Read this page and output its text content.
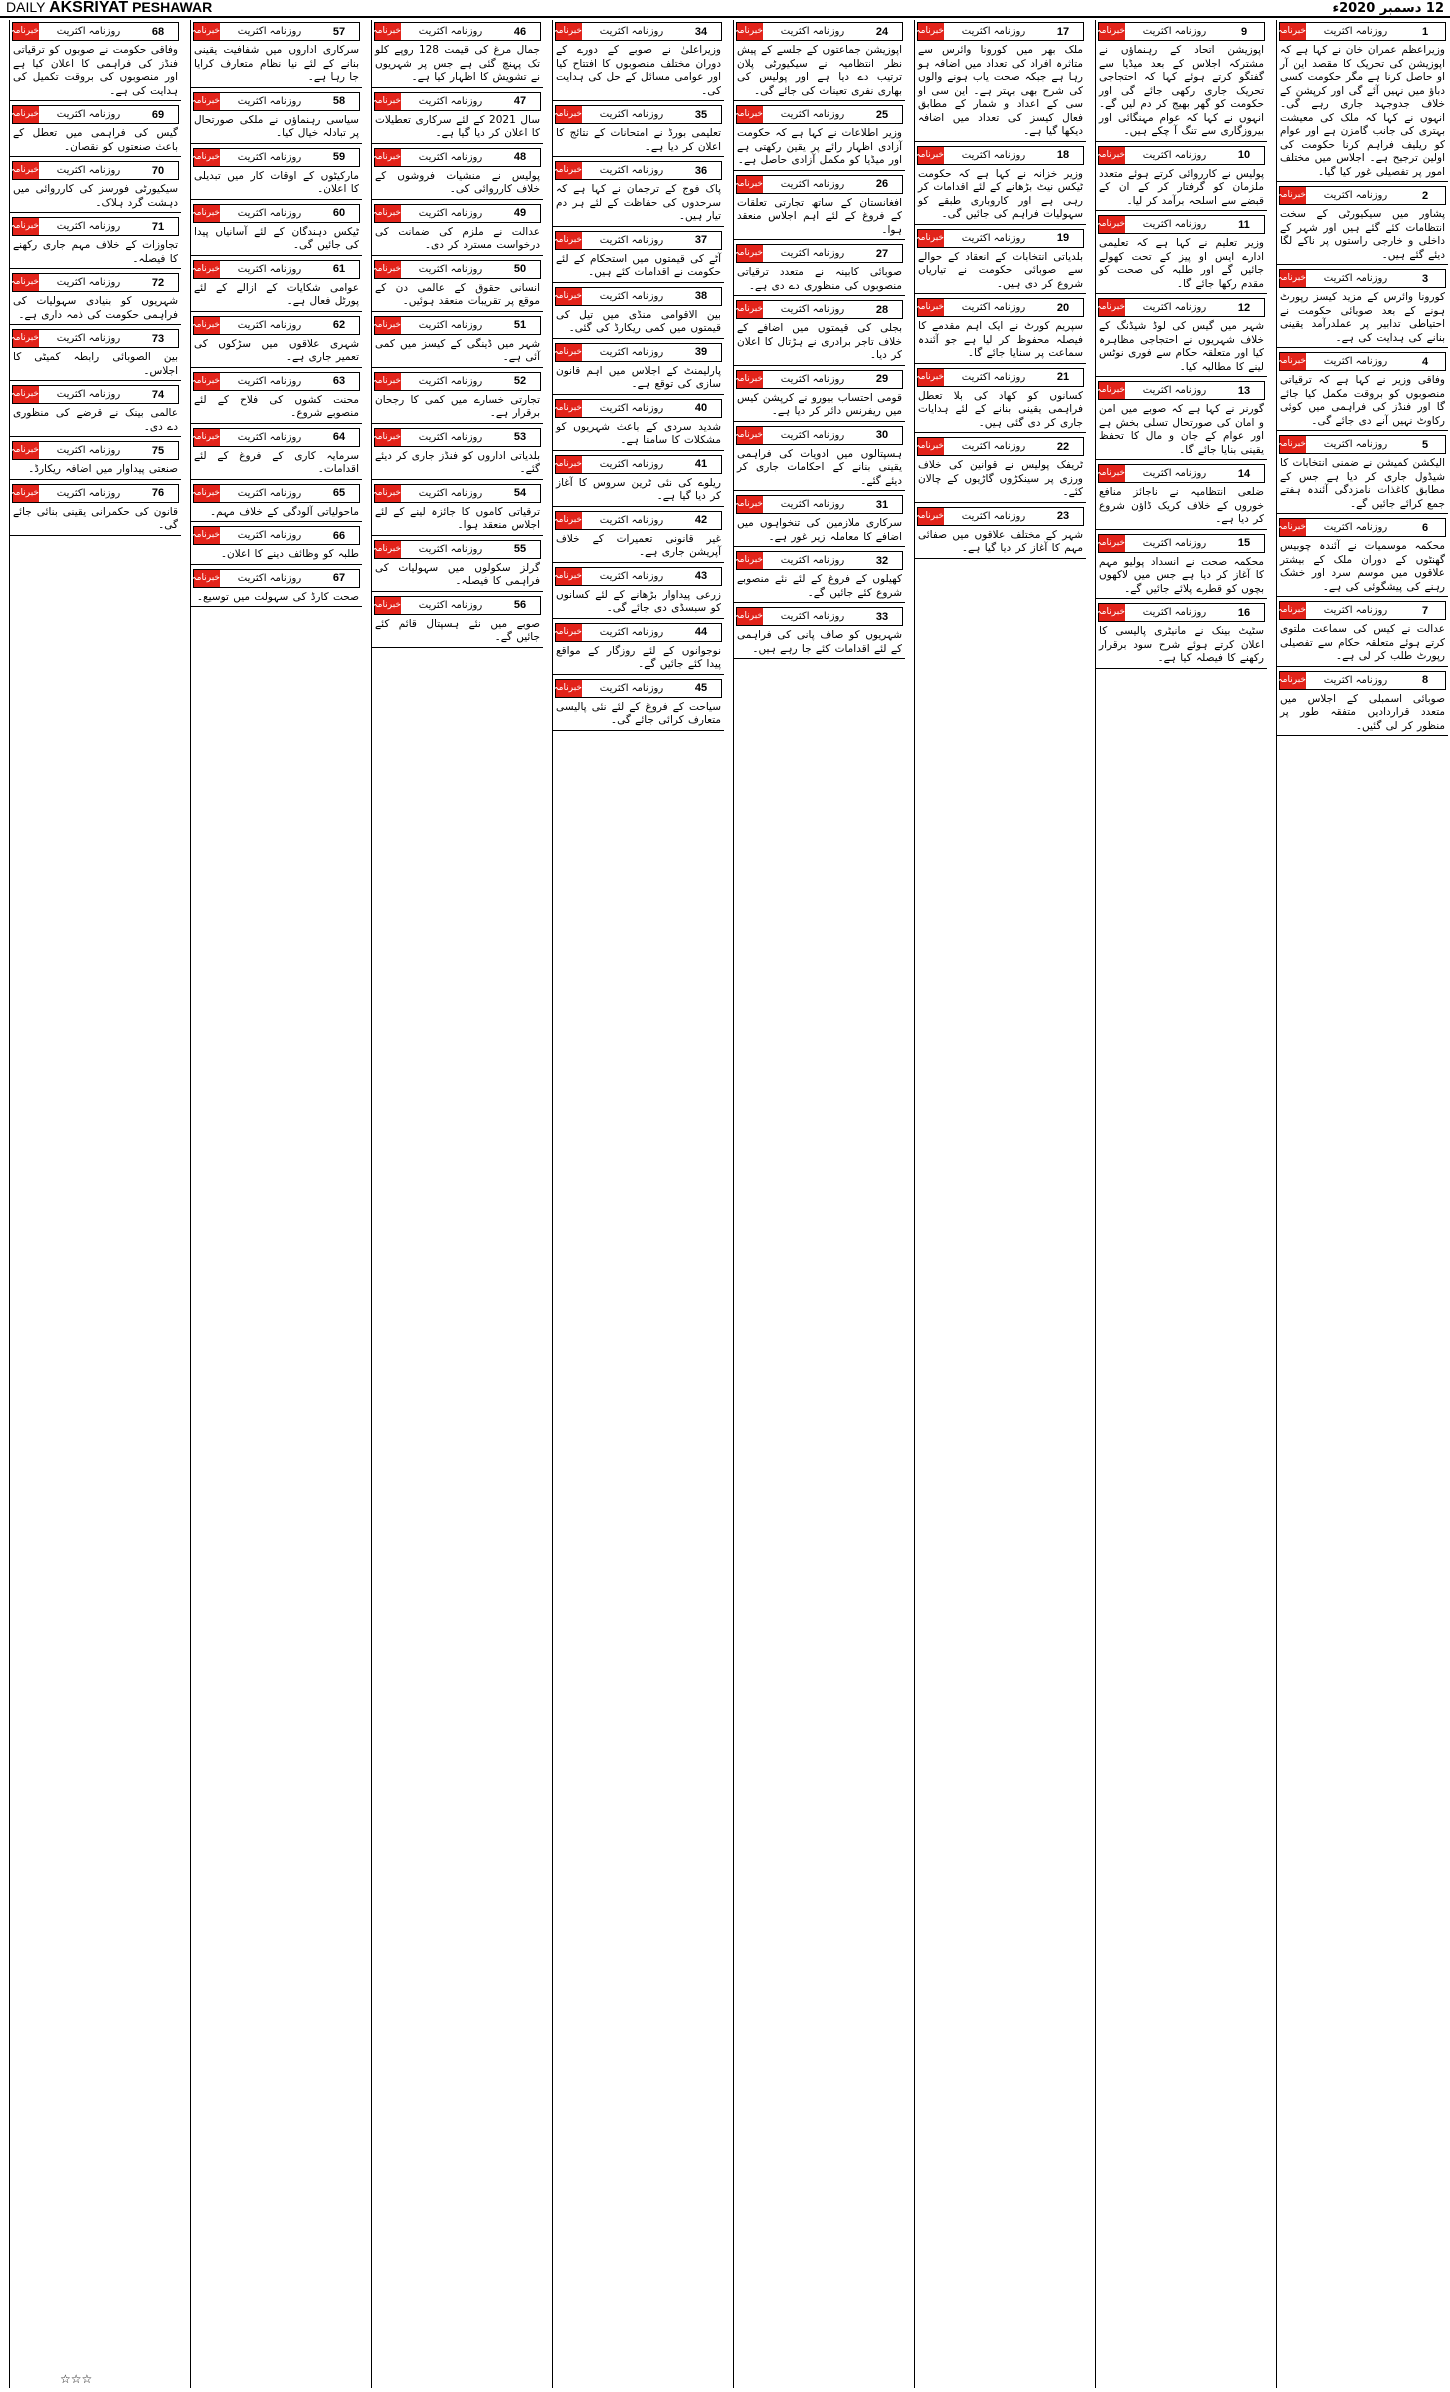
DAILY AKSRIYAT PESHAWAR	12 دسمبر 2020ء
1
روزنامہ اکثریت
خبرنامہ
وزیراعظم عمران خان نے کہا ہے کہ اپوزیشن کی تحریک کا مقصد این آر او حاصل کرنا ہے مگر حکومت کسی دباؤ میں نہیں آئے گی اور کرپشن کے خلاف جدوجہد جاری رہے گی۔ انہوں نے کہا کہ ملک کی معیشت بہتری کی جانب گامزن ہے اور عوام کو ریلیف فراہم کرنا حکومت کی اولین ترجیح ہے۔ اجلاس میں مختلف امور پر تفصیلی غور کیا گیا۔
2
روزنامہ اکثریت
خبرنامہ
پشاور میں سیکیورٹی کے سخت انتظامات کئے گئے ہیں اور شہر کے داخلی و خارجی راستوں پر ناکے لگا دیئے گئے ہیں۔
3
روزنامہ اکثریت
خبرنامہ
کورونا وائرس کے مزید کیسز رپورٹ ہونے کے بعد صوبائی حکومت نے احتیاطی تدابیر پر عملدرآمد یقینی بنانے کی ہدایت کی ہے۔
4
روزنامہ اکثریت
خبرنامہ
وفاقی وزیر نے کہا ہے کہ ترقیاتی منصوبوں کو بروقت مکمل کیا جائے گا اور فنڈز کی فراہمی میں کوئی رکاوٹ نہیں آنے دی جائے گی۔
5
روزنامہ اکثریت
خبرنامہ
الیکشن کمیشن نے ضمنی انتخابات کا شیڈول جاری کر دیا ہے جس کے مطابق کاغذات نامزدگی آئندہ ہفتے جمع کرائے جائیں گے۔
6
روزنامہ اکثریت
خبرنامہ
محکمہ موسمیات نے آئندہ چوبیس گھنٹوں کے دوران ملک کے بیشتر علاقوں میں موسم سرد اور خشک رہنے کی پیشگوئی کی ہے۔
7
روزنامہ اکثریت
خبرنامہ
عدالت نے کیس کی سماعت ملتوی کرتے ہوئے متعلقہ حکام سے تفصیلی رپورٹ طلب کر لی ہے۔
8
روزنامہ اکثریت
خبرنامہ
صوبائی اسمبلی کے اجلاس میں متعدد قراردادیں متفقہ طور پر منظور کر لی گئیں۔
9
روزنامہ اکثریت
خبرنامہ
اپوزیشن اتحاد کے رہنماؤں نے مشترکہ اجلاس کے بعد میڈیا سے گفتگو کرتے ہوئے کہا کہ احتجاجی تحریک جاری رکھی جائے گی اور حکومت کو گھر بھیج کر دم لیں گے۔ انہوں نے کہا کہ عوام مہنگائی اور بیروزگاری سے تنگ آ چکے ہیں۔
10
روزنامہ اکثریت
خبرنامہ
پولیس نے کارروائی کرتے ہوئے متعدد ملزمان کو گرفتار کر کے ان کے قبضے سے اسلحہ برآمد کر لیا۔
11
روزنامہ اکثریت
خبرنامہ
وزیر تعلیم نے کہا ہے کہ تعلیمی ادارے ایس او پیز کے تحت کھولے جائیں گے اور طلبہ کی صحت کو مقدم رکھا جائے گا۔
12
روزنامہ اکثریت
خبرنامہ
شہر میں گیس کی لوڈ شیڈنگ کے خلاف شہریوں نے احتجاجی مظاہرہ کیا اور متعلقہ حکام سے فوری نوٹس لینے کا مطالبہ کیا۔
13
روزنامہ اکثریت
خبرنامہ
گورنر نے کہا ہے کہ صوبے میں امن و امان کی صورتحال تسلی بخش ہے اور عوام کے جان و مال کا تحفظ یقینی بنایا جائے گا۔
14
روزنامہ اکثریت
خبرنامہ
ضلعی انتظامیہ نے ناجائز منافع خوروں کے خلاف کریک ڈاؤن شروع کر دیا ہے۔
15
روزنامہ اکثریت
خبرنامہ
محکمہ صحت نے انسداد پولیو مہم کا آغاز کر دیا ہے جس میں لاکھوں بچوں کو قطرے پلائے جائیں گے۔
16
روزنامہ اکثریت
خبرنامہ
سٹیٹ بینک نے مانیٹری پالیسی کا اعلان کرتے ہوئے شرح سود برقرار رکھنے کا فیصلہ کیا ہے۔
17
روزنامہ اکثریت
خبرنامہ
ملک بھر میں کورونا وائرس سے متاثرہ افراد کی تعداد میں اضافہ ہو رہا ہے جبکہ صحت یاب ہونے والوں کی شرح بھی بہتر ہے۔ این سی او سی کے اعداد و شمار کے مطابق فعال کیسز کی تعداد میں اضافہ دیکھا گیا ہے۔
18
روزنامہ اکثریت
خبرنامہ
وزیر خزانہ نے کہا ہے کہ حکومت ٹیکس نیٹ بڑھانے کے لئے اقدامات کر رہی ہے اور کاروباری طبقے کو سہولیات فراہم کی جائیں گی۔
19
روزنامہ اکثریت
خبرنامہ
بلدیاتی انتخابات کے انعقاد کے حوالے سے صوبائی حکومت نے تیاریاں شروع کر دی ہیں۔
20
روزنامہ اکثریت
خبرنامہ
سپریم کورٹ نے ایک اہم مقدمے کا فیصلہ محفوظ کر لیا ہے جو آئندہ سماعت پر سنایا جائے گا۔
21
روزنامہ اکثریت
خبرنامہ
کسانوں کو کھاد کی بلا تعطل فراہمی یقینی بنانے کے لئے ہدایات جاری کر دی گئی ہیں۔
22
روزنامہ اکثریت
خبرنامہ
ٹریفک پولیس نے قوانین کی خلاف ورزی پر سینکڑوں گاڑیوں کے چالان کئے۔
23
روزنامہ اکثریت
خبرنامہ
شہر کے مختلف علاقوں میں صفائی مہم کا آغاز کر دیا گیا ہے۔
24
روزنامہ اکثریت
خبرنامہ
اپوزیشن جماعتوں کے جلسے کے پیش نظر انتظامیہ نے سیکیورٹی پلان ترتیب دے دیا ہے اور پولیس کی بھاری نفری تعینات کی جائے گی۔
25
روزنامہ اکثریت
خبرنامہ
وزیر اطلاعات نے کہا ہے کہ حکومت آزادی اظہار رائے پر یقین رکھتی ہے اور میڈیا کو مکمل آزادی حاصل ہے۔
26
روزنامہ اکثریت
خبرنامہ
افغانستان کے ساتھ تجارتی تعلقات کے فروغ کے لئے اہم اجلاس منعقد ہوا۔
27
روزنامہ اکثریت
خبرنامہ
صوبائی کابینہ نے متعدد ترقیاتی منصوبوں کی منظوری دے دی ہے۔
28
روزنامہ اکثریت
خبرنامہ
بجلی کی قیمتوں میں اضافے کے خلاف تاجر برادری نے ہڑتال کا اعلان کر دیا۔
29
روزنامہ اکثریت
خبرنامہ
قومی احتساب بیورو نے کرپشن کیس میں ریفرنس دائر کر دیا ہے۔
30
روزنامہ اکثریت
خبرنامہ
ہسپتالوں میں ادویات کی فراہمی یقینی بنانے کے احکامات جاری کر دیئے گئے۔
31
روزنامہ اکثریت
خبرنامہ
سرکاری ملازمین کی تنخواہوں میں اضافے کا معاملہ زیر غور ہے۔
32
روزنامہ اکثریت
خبرنامہ
کھیلوں کے فروغ کے لئے نئے منصوبے شروع کئے جائیں گے۔
33
روزنامہ اکثریت
خبرنامہ
شہریوں کو صاف پانی کی فراہمی کے لئے اقدامات کئے جا رہے ہیں۔
34
روزنامہ اکثریت
خبرنامہ
وزیراعلیٰ نے صوبے کے دورے کے دوران مختلف منصوبوں کا افتتاح کیا اور عوامی مسائل کے حل کی ہدایت کی۔
35
روزنامہ اکثریت
خبرنامہ
تعلیمی بورڈ نے امتحانات کے نتائج کا اعلان کر دیا ہے۔
36
روزنامہ اکثریت
خبرنامہ
پاک فوج کے ترجمان نے کہا ہے کہ سرحدوں کی حفاظت کے لئے ہر دم تیار ہیں۔
37
روزنامہ اکثریت
خبرنامہ
آٹے کی قیمتوں میں استحکام کے لئے حکومت نے اقدامات کئے ہیں۔
38
روزنامہ اکثریت
خبرنامہ
بین الاقوامی منڈی میں تیل کی قیمتوں میں کمی ریکارڈ کی گئی۔
39
روزنامہ اکثریت
خبرنامہ
پارلیمنٹ کے اجلاس میں اہم قانون سازی کی توقع ہے۔
40
روزنامہ اکثریت
خبرنامہ
شدید سردی کے باعث شہریوں کو مشکلات کا سامنا ہے۔
41
روزنامہ اکثریت
خبرنامہ
ریلوے کی نئی ٹرین سروس کا آغاز کر دیا گیا ہے۔
42
روزنامہ اکثریت
خبرنامہ
غیر قانونی تعمیرات کے خلاف آپریشن جاری ہے۔
43
روزنامہ اکثریت
خبرنامہ
زرعی پیداوار بڑھانے کے لئے کسانوں کو سبسڈی دی جائے گی۔
44
روزنامہ اکثریت
خبرنامہ
نوجوانوں کے لئے روزگار کے مواقع پیدا کئے جائیں گے۔
45
روزنامہ اکثریت
خبرنامہ
سیاحت کے فروغ کے لئے نئی پالیسی متعارف کرائی جائے گی۔
46
روزنامہ اکثریت
خبرنامہ
جمال مرغ کی قیمت 128 روپے کلو تک پہنچ گئی ہے جس پر شہریوں نے تشویش کا اظہار کیا ہے۔
47
روزنامہ اکثریت
خبرنامہ
سال 2021 کے لئے سرکاری تعطیلات کا اعلان کر دیا گیا ہے۔
48
روزنامہ اکثریت
خبرنامہ
پولیس نے منشیات فروشوں کے خلاف کارروائی کی۔
49
روزنامہ اکثریت
خبرنامہ
عدالت نے ملزم کی ضمانت کی درخواست مسترد کر دی۔
50
روزنامہ اکثریت
خبرنامہ
انسانی حقوق کے عالمی دن کے موقع پر تقریبات منعقد ہوئیں۔
51
روزنامہ اکثریت
خبرنامہ
شہر میں ڈینگی کے کیسز میں کمی آئی ہے۔
52
روزنامہ اکثریت
خبرنامہ
تجارتی خسارے میں کمی کا رجحان برقرار ہے۔
53
روزنامہ اکثریت
خبرنامہ
بلدیاتی اداروں کو فنڈز جاری کر دیئے گئے۔
54
روزنامہ اکثریت
خبرنامہ
ترقیاتی کاموں کا جائزہ لینے کے لئے اجلاس منعقد ہوا۔
55
روزنامہ اکثریت
خبرنامہ
گرلز سکولوں میں سہولیات کی فراہمی کا فیصلہ۔
56
روزنامہ اکثریت
خبرنامہ
صوبے میں نئے ہسپتال قائم کئے جائیں گے۔
57
روزنامہ اکثریت
خبرنامہ
سرکاری اداروں میں شفافیت یقینی بنانے کے لئے نیا نظام متعارف کرایا جا رہا ہے۔
58
روزنامہ اکثریت
خبرنامہ
سیاسی رہنماؤں نے ملکی صورتحال پر تبادلہ خیال کیا۔
59
روزنامہ اکثریت
خبرنامہ
مارکیٹوں کے اوقات کار میں تبدیلی کا اعلان۔
60
روزنامہ اکثریت
خبرنامہ
ٹیکس دہندگان کے لئے آسانیاں پیدا کی جائیں گی۔
61
روزنامہ اکثریت
خبرنامہ
عوامی شکایات کے ازالے کے لئے پورٹل فعال ہے۔
62
روزنامہ اکثریت
خبرنامہ
شہری علاقوں میں سڑکوں کی تعمیر جاری ہے۔
63
روزنامہ اکثریت
خبرنامہ
محنت کشوں کی فلاح کے لئے منصوبے شروع۔
64
روزنامہ اکثریت
خبرنامہ
سرمایہ کاری کے فروغ کے لئے اقدامات۔
65
روزنامہ اکثریت
خبرنامہ
ماحولیاتی آلودگی کے خلاف مہم۔
66
روزنامہ اکثریت
خبرنامہ
طلبہ کو وظائف دینے کا اعلان۔
67
روزنامہ اکثریت
خبرنامہ
صحت کارڈ کی سہولت میں توسیع۔
68
روزنامہ اکثریت
خبرنامہ
وفاقی حکومت نے صوبوں کو ترقیاتی فنڈز کی فراہمی کا اعلان کیا ہے اور منصوبوں کی بروقت تکمیل کی ہدایت کی ہے۔
69
روزنامہ اکثریت
خبرنامہ
گیس کی فراہمی میں تعطل کے باعث صنعتوں کو نقصان۔
70
روزنامہ اکثریت
خبرنامہ
سیکیورٹی فورسز کی کارروائی میں دہشت گرد ہلاک۔
71
روزنامہ اکثریت
خبرنامہ
تجاوزات کے خلاف مہم جاری رکھنے کا فیصلہ۔
72
روزنامہ اکثریت
خبرنامہ
شہریوں کو بنیادی سہولیات کی فراہمی حکومت کی ذمہ داری ہے۔
73
روزنامہ اکثریت
خبرنامہ
بین الصوبائی رابطہ کمیٹی کا اجلاس۔
74
روزنامہ اکثریت
خبرنامہ
عالمی بینک نے قرضے کی منظوری دے دی۔
75
روزنامہ اکثریت
خبرنامہ
صنعتی پیداوار میں اضافہ ریکارڈ۔
76
روزنامہ اکثریت
خبرنامہ
قانون کی حکمرانی یقینی بنائی جائے گی۔
☆☆☆
